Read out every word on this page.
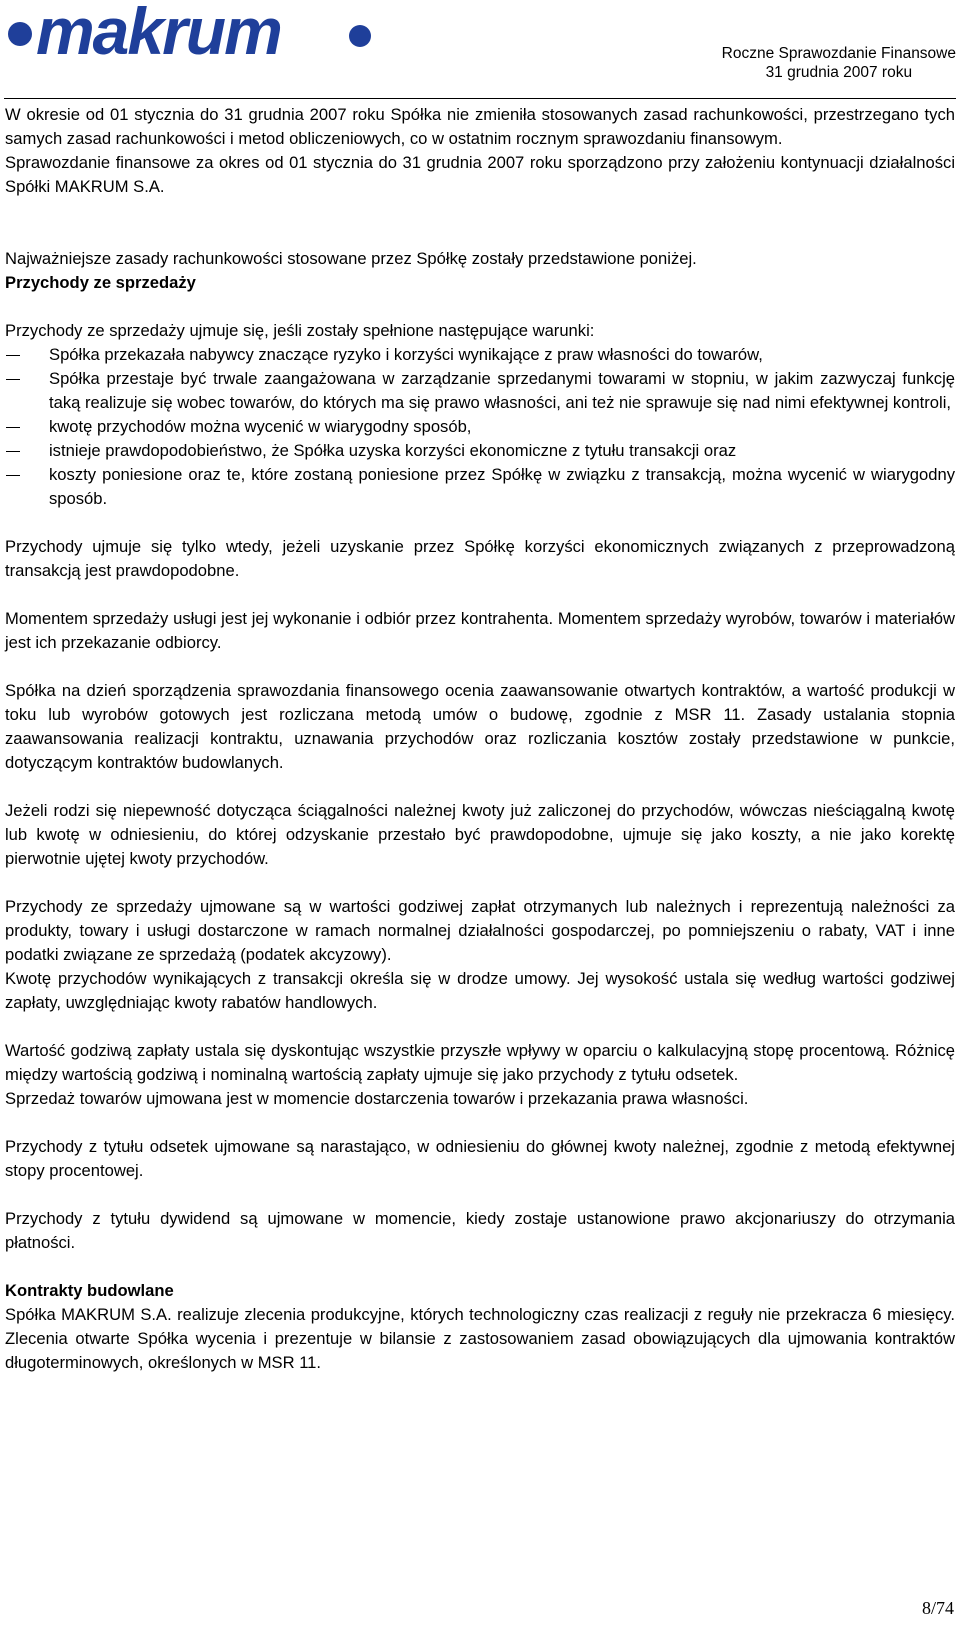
makrum	Roczne Sprawozdanie Finansowe
31 grudnia 2007 roku

W okresie od 01 stycznia do 31 grudnia 2007 roku Spółka nie zmieniła stosowanych zasad rachunkowości, przestrzegano tych samych zasad rachunkowości i metod obliczeniowych, co w ostatnim rocznym sprawozdaniu finansowym.

Sprawozdanie finansowe za okres od 01 stycznia do 31 grudnia 2007 roku sporządzono przy założeniu kontynuacji działalności Spółki MAKRUM S.A.

Najważniejsze zasady rachunkowości stosowane przez Spółkę zostały przedstawione poniżej.

Przychody ze sprzedaży

Przychody ze sprzedaży ujmuje się, jeśli zostały spełnione następujące warunki:

Spółka przekazała nabywcy znaczące ryzyko i korzyści wynikające z praw własności do towarów,
Spółka przestaje być trwale zaangażowana w zarządzanie sprzedanymi towarami w stopniu, w jakim zazwyczaj funkcję taką realizuje się wobec towarów, do których ma się prawo własności, ani też nie sprawuje się nad nimi efektywnej kontroli,
kwotę przychodów można wycenić w wiarygodny sposób,
istnieje prawdopodobieństwo, że Spółka uzyska korzyści ekonomiczne z tytułu transakcji oraz
koszty poniesione oraz te, które zostaną poniesione przez Spółkę w związku z transakcją, można wycenić w wiarygodny sposób.

Przychody ujmuje się tylko wtedy, jeżeli uzyskanie przez Spółkę korzyści ekonomicznych związanych z przeprowadzoną transakcją jest prawdopodobne.

Momentem sprzedaży usługi jest jej wykonanie i odbiór przez kontrahenta. Momentem sprzedaży wyrobów, towarów i materiałów jest ich przekazanie odbiorcy.

Spółka na dzień sporządzenia sprawozdania finansowego ocenia zaawansowanie otwartych kontraktów, a wartość produkcji w toku lub wyrobów gotowych jest rozliczana metodą umów o budowę, zgodnie z MSR 11. Zasady ustalania stopnia zaawansowania realizacji kontraktu, uznawania przychodów oraz rozliczania kosztów zostały przedstawione w punkcie, dotyczącym kontraktów budowlanych.

Jeżeli rodzi się niepewność dotycząca ściągalności należnej kwoty już zaliczonej do przychodów, wówczas nieściągalną kwotę lub kwotę w odniesieniu, do której odzyskanie przestało być prawdopodobne, ujmuje się jako koszty, a nie jako korektę pierwotnie ujętej kwoty przychodów.

Przychody ze sprzedaży ujmowane są w wartości godziwej zapłat otrzymanych lub należnych i reprezentują należności za produkty, towary i usługi dostarczone w ramach normalnej działalności gospodarczej, po pomniejszeniu o rabaty, VAT i inne podatki związane ze sprzedażą (podatek akcyzowy).

Kwotę przychodów wynikających z transakcji określa się w drodze umowy. Jej wysokość ustala się według wartości godziwej zapłaty, uwzględniając kwoty rabatów handlowych.

Wartość godziwą zapłaty ustala się dyskontując wszystkie przyszłe wpływy w oparciu o kalkulacyjną stopę procentową. Różnicę między wartością godziwą i nominalną wartością zapłaty ujmuje się jako przychody z tytułu odsetek.

Sprzedaż towarów ujmowana jest w momencie dostarczenia towarów i przekazania prawa własności.

Przychody z tytułu odsetek ujmowane są narastająco, w odniesieniu do głównej kwoty należnej, zgodnie z metodą efektywnej stopy procentowej.

Przychody z tytułu dywidend są ujmowane w momencie, kiedy zostaje ustanowione prawo akcjonariuszy do otrzymania płatności.

Kontrakty budowlane

Spółka MAKRUM S.A. realizuje zlecenia produkcyjne, których technologiczny czas realizacji z reguły nie przekracza 6 miesięcy. Zlecenia otwarte Spółka wycenia i prezentuje w bilansie z zastosowaniem zasad obowiązujących dla ujmowania kontraktów długoterminowych, określonych w MSR 11.

8/74
